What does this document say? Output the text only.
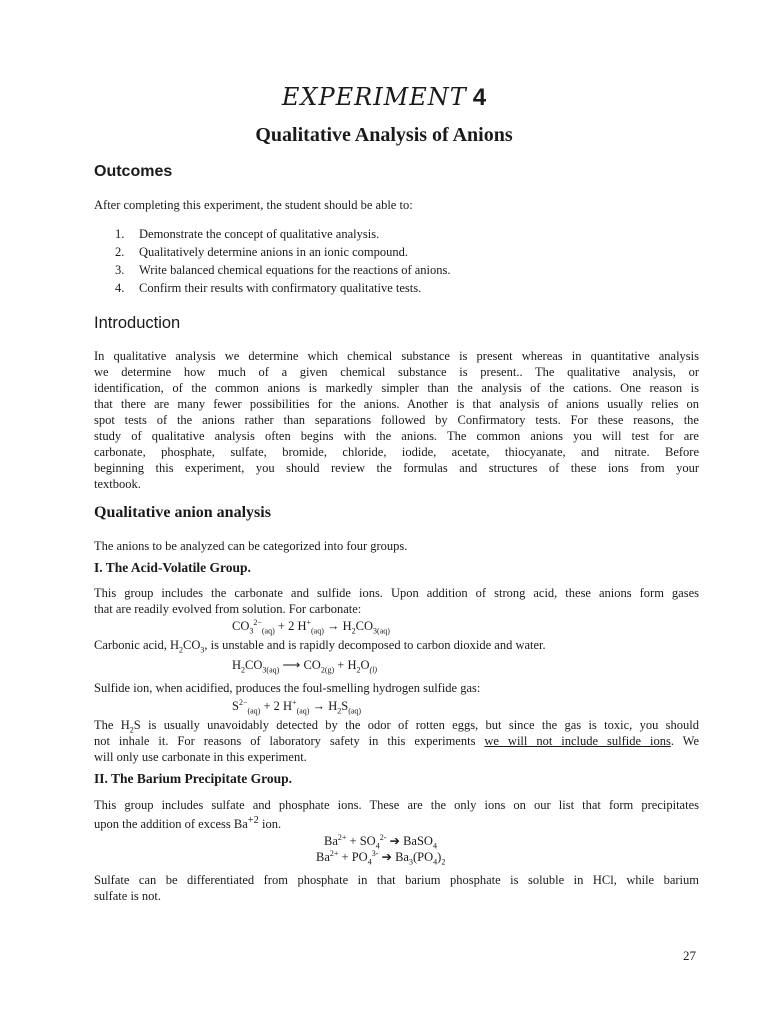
EXPERIMENT 4
Qualitative Analysis of Anions
Outcomes
After completing this experiment, the student should be able to:
1. Demonstrate the concept of qualitative analysis.
2. Qualitatively determine anions in an ionic compound.
3. Write balanced chemical equations for the reactions of anions.
4. Confirm their results with confirmatory qualitative tests.
Introduction
In qualitative analysis we determine which chemical substance is present whereas in quantitative analysis
we determine how much of a given chemical substance is present.. The qualitative analysis, or
identification, of the common anions is markedly simpler than the analysis of the cations. One reason is
that there are many fewer possibilities for the anions. Another is that analysis of anions usually relies on
spot tests of the anions rather than separations followed by Confirmatory tests. For these reasons, the
study of qualitative analysis often begins with the anions. The common anions you will test for are
carbonate, phosphate, sulfate, bromide, chloride, iodide, acetate, thiocyanate, and nitrate. Before
beginning this experiment, you should review the formulas and structures of these ions from your
textbook.
Qualitative anion analysis
The anions to be analyzed can be categorized into four groups.
I. The Acid-Volatile Group.
This group includes the carbonate and sulfide ions. Upon addition of strong acid, these anions form gases
that are readily evolved from solution. For carbonate:
$CO_3^{2-}_{(aq)} + 2$ $H^+_{(aq)} \to H_2CO_{3(aq)}$
Carbonic acid, $H_2CO_3$, is unstable and is rapidly decomposed to carbon dioxide and water.
$H_2CO_{3(aq)}$ ⟶ $CO_{2(g)} + H_2O_{(l)}$
Sulfide ion, when acidified, produces the foul-smelling hydrogen sulfide gas:
$S^{2-}_{(aq)} + 2$ $H^+_{(aq)} \to H_2S_{(aq)}$
The $H_2S$ is usually unavoidably detected by the odor of rotten eggs, but since the gas is toxic, you should
not inhale it. For reasons of laboratory safety in this experiments we will not include sulfide ions. We
will only use carbonate in this experiment.
II. The Barium Precipitate Group.
This group includes sulfate and phosphate ions. These are the only ions on our list that form precipitates
upon the addition of excess $Ba^{+2}$ ion.
$Ba^{2+} + SO_4^{2-}$ ➔ BaSO$_4$
$Ba^{2+} + PO_4^{3-}$ ➔ $Ba_3(PO_4)_2$
Sulfate can be differentiated from phosphate in that barium phosphate is soluble in HCl, while barium
sulfate is not.
27
